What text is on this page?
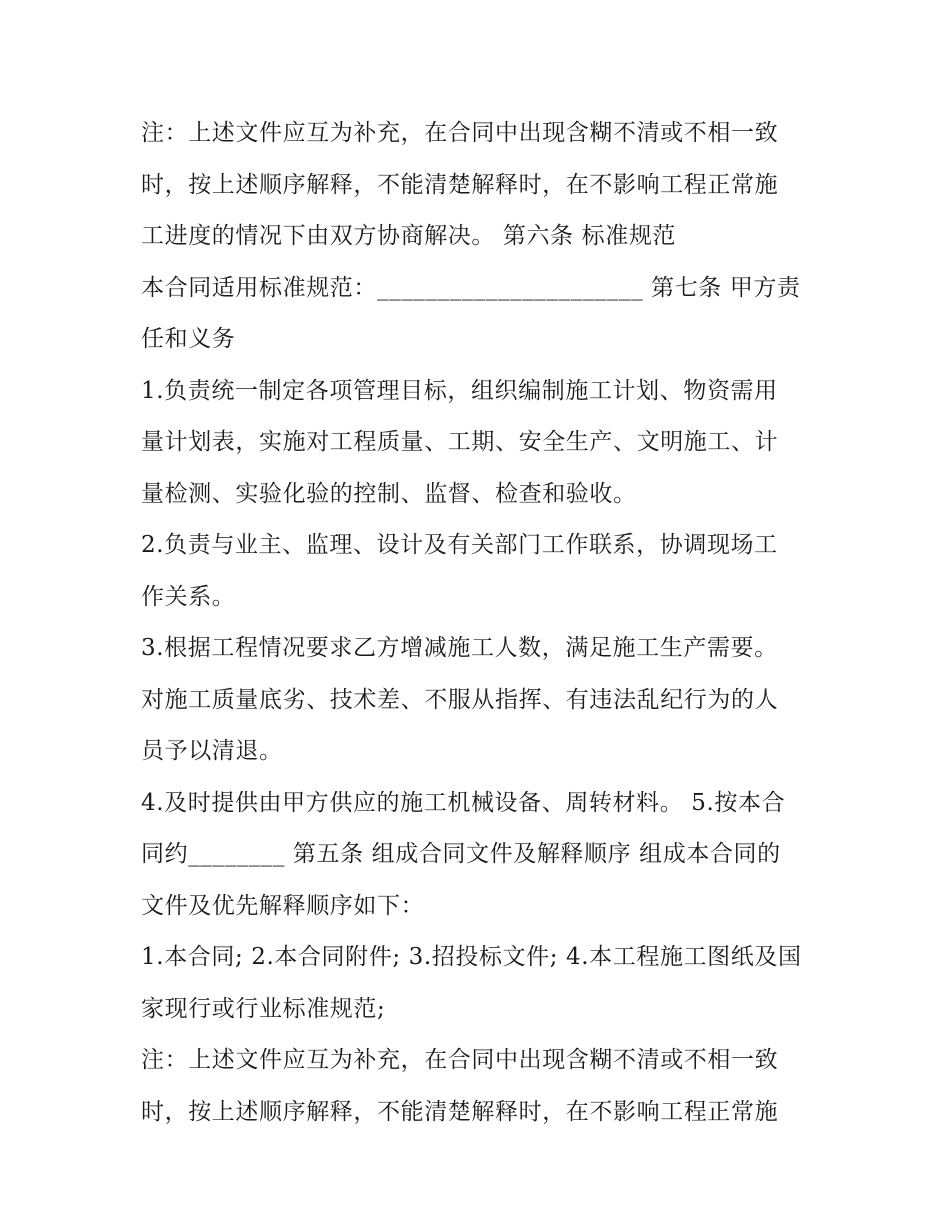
注：上述文件应互为补充，在合同中出现含糊不清或不相一致
时，按上述顺序解释，不能清楚解释时，在不影响工程正常施
工进度的情况下由双方协商解决。 第六条 标准规范
本合同适用标准规范：______________________ 第七条 甲方责
任和义务
1.负责统一制定各项管理目标，组织编制施工计划、物资需用
量计划表，实施对工程质量、工期、安全生产、文明施工、计
量检测、实验化验的控制、监督、检查和验收。
2.负责与业主、监理、设计及有关部门工作联系，协调现场工
作关系。
3.根据工程情况要求乙方增减施工人数，满足施工生产需要。
对施工质量底劣、技术差、不服从指挥、有违法乱纪行为的人
员予以清退。
4.及时提供由甲方供应的施工机械设备、周转材料。 5.按本合
同约________ 第五条 组成合同文件及解释顺序 组成本合同的
文件及优先解释顺序如下：
1.本合同; 2.本合同附件; 3.招投标文件; 4.本工程施工图纸及国
家现行或行业标准规范;
注：上述文件应互为补充，在合同中出现含糊不清或不相一致
时，按上述顺序解释，不能清楚解释时，在不影响工程正常施
